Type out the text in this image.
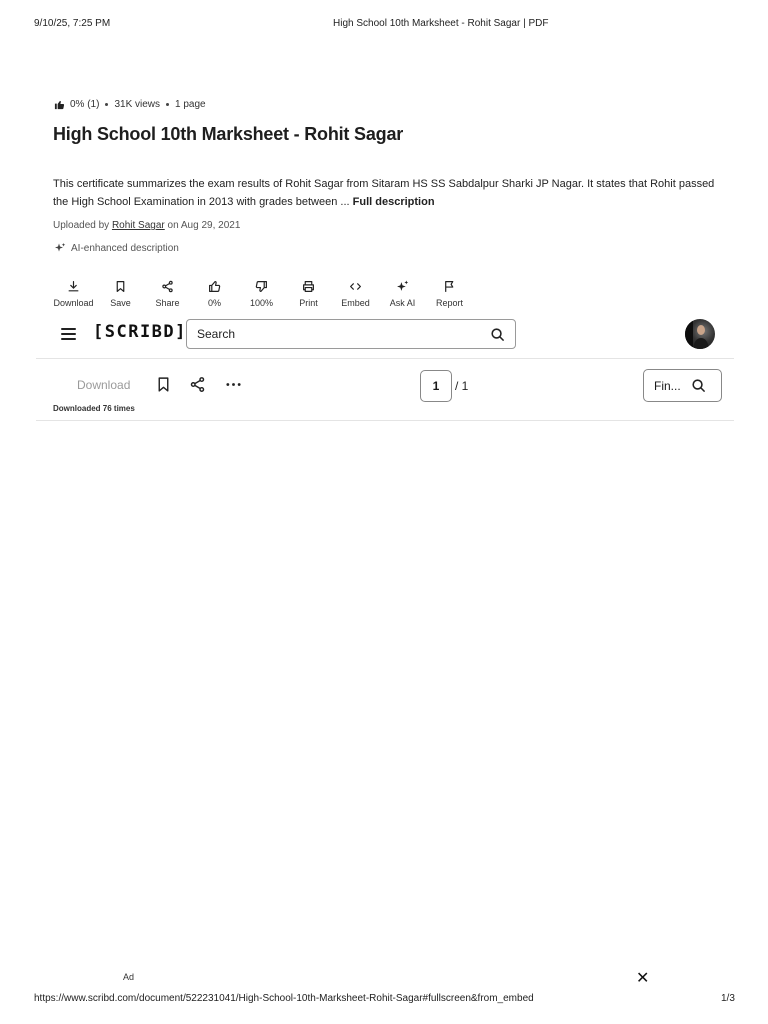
9/10/25, 7:25 PM	High School 10th Marksheet - Rohit Sagar | PDF
0% (1) 31K views 1 page
High School 10th Marksheet - Rohit Sagar

This certificate summarizes the exam results of Rohit Sagar from Sitaram HS SS Sabdalpur Sharki JP Nagar. It states that Rohit passed the High School Examination in 2013 with grades between ... Full description

Uploaded by Rohit Sagar on Aug 29, 2021
AI-enhanced description
Download Save	Share	0%	100%	Print	Embed Ask AI Report
[SCRIBD] Search
Download	1	/ 1	Fin...
Downloaded 76 times
Ad	✕
https://www.scribd.com/document/522231041/High-School-10th-Marksheet-Rohit-Sagar#fullscreen&from_embed	1/3
